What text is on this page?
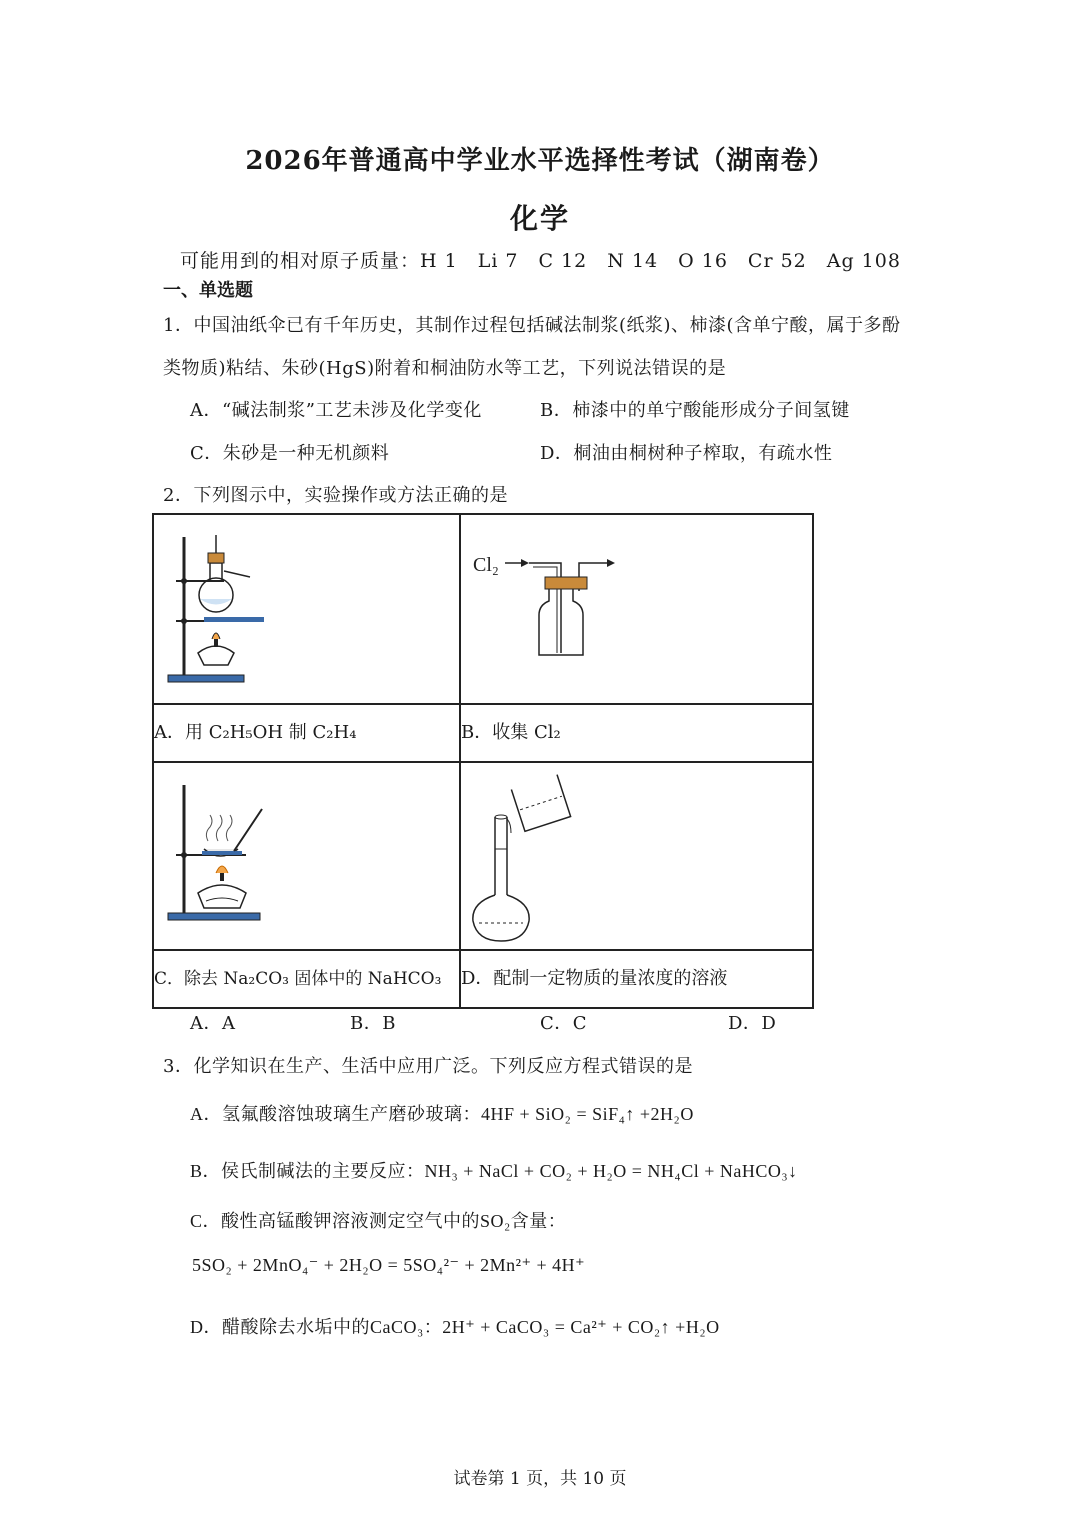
2026年普通高中学业水平选择性考试（湖南卷）
化学
可能用到的相对原子质量：H 1　Li 7　C 12　N 14　O 16　Cr 52　Ag 108
一、单选题
1．中国油纸伞已有千年历史，其制作过程包括碱法制浆(纸浆)、柿漆(含单宁酸，属于多酚
类物质)粘结、朱砂(HgS)附着和桐油防水等工艺，下列说法错误的是
A．“碱法制浆”工艺未涉及化学变化	B．柿漆中的单宁酸能形成分子间氢键
C．朱砂是一种无机颜料	D．桐油由桐树种子榨取，有疏水性
2．下列图示中，实验操作或方法正确的是

Cl₂

A．用 C₂H₅OH 制 C₂H₄	B．收集 Cl₂

C．除去 Na₂CO₃ 固体中的 NaHCO₃	D．配制一定物质的量浓度的溶液
A．A	B．B	C．C	D．D
3．化学知识在生产、生活中应用广泛。下列反应方程式错误的是
A．氢氟酸溶蚀玻璃生产磨砂玻璃：4HF + SiO₂ = SiF₄↑ +2H₂O
B．侯氏制碱法的主要反应：NH₃ + NaCl + CO₂ + H₂O = NH₄Cl + NaHCO₃↓
C．酸性高锰酸钾溶液测定空气中的SO₂含量：
5SO₂ + 2MnO₄⁻ + 2H₂O = 5SO₄²⁻ + 2Mn²⁺ + 4H⁺
D．醋酸除去水垢中的CaCO₃：2H⁺ + CaCO₃ = Ca²⁺ + CO₂↑ +H₂O
试卷第 1 页，共 10 页
